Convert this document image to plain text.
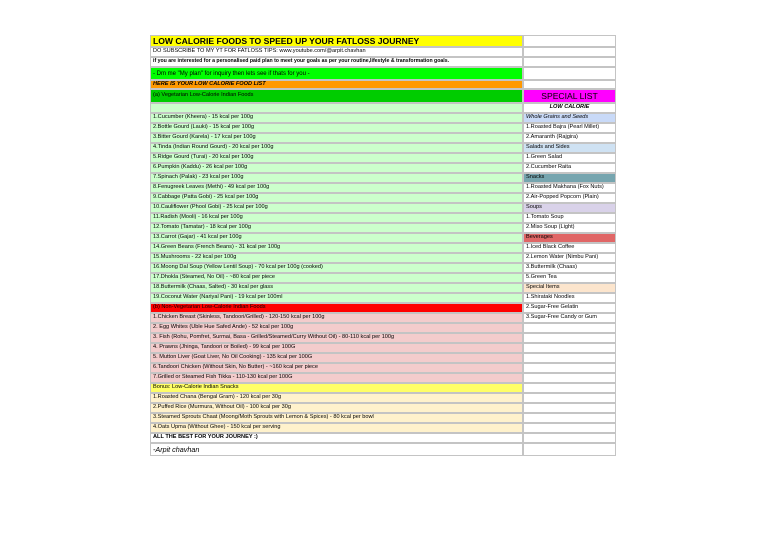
LOW CALORIE FOODS TO SPEED UP YOUR FATLOSS JOURNEY
DO SUBSCRIBE TO MY YT FOR FATLOSS TIPS: www.youtube.com/@arpit.chavhan
if you are interested for a personalised paid plan to meet your goals as per your routine,lifestyle & transformation goals.
- Dm me "My plan" for inquiry then lets see if thats for you -
HERE IS YOUR LOW CALORIE FOOD LIST
(a) Vegetarian Low-Calorie Indian Foods
1.Cucumber (Kheera) - 15 kcal per 100g
2.Bottle Gourd (Lauki) - 15 kcal per 100g
3.Bitter Gourd (Karela) - 17 kcal per 100g
4.Tinda (Indian Round Gourd) - 20 kcal per 100g
5.Ridge Gourd (Turai) - 20 kcal per 100g
6.Pumpkin (Kaddu) - 26 kcal per 100g
7.Spinach (Palak) - 23 kcal per 100g
8.Fenugreek Leaves (Methi) - 49 kcal per 100g
9.Cabbage (Patta Gobi) - 25 kcal per 100g
10.Cauliflower (Phool Gobi) - 25 kcal per 100g
11.Radish (Mooli) - 16 kcal per 100g
12.Tomato (Tamatar) - 18 kcal per 100g
13.Carrot (Gajar) - 41 kcal per 100g
14.Green Beans (French Beans) - 31 kcal per 100g
15.Mushrooms - 22 kcal per 100g
16.Moong Dal Soup (Yellow Lentil Soup) - 70 kcal per 100g (cooked)
17.Dhokla (Steamed, No Oil) - ~80 kcal per piece
18.Buttermilk (Chaas, Salted) - 30 kcal per glass
19.Coconut Water (Nariyal Pani) - 19 kcal per 100ml
(b) Non-Vegetarian Low-Calorie Indian Foods
1.Chicken Breast (Skinless, Tandoori/Grilled) - 120-150 kcal per 100g
2. Egg Whites (Uble Hue Safed Ande) - 52 kcal per 100g
3. Fish (Rohu, Pomfret, Surmai, Basa - Grilled/Steamed/Curry Without Oil) - 80-110 kcal per 100g
4. Prawns (Jhinga, Tandoori or Boiled) - 99 kcal per 100G
5. Mutton Liver (Goat Liver, No Oil Cooking) - 135 kcal per 100G
6.Tandoori Chicken (Without Skin, No Butter) - ~160 kcal per piece
7.Grilled or Steamed Fish Tikka - 110-130 kcal per 100G
Bonus: Low-Calorie Indian Snacks
1.Roasted Chana (Bengal Gram) - 120 kcal per 30g
2.Puffed Rice (Murmura, Without Oil) - 100 kcal per 30g
3.Steamed Sprouts Chaat (Moong/Moth Sprouts with Lemon & Spices) - 80 kcal per bowl
4.Oats Upma (Without Ghee) - 150 kcal per serving
ALL THE BEST FOR YOUR JOURNEY :)
-Arpit chavhan
SPECIAL LIST
LOW CALORIE
Whole Grains and Seeds
1.Roasted Bajra (Pearl Millet)
2.Amaranth (Rajgira)
Salads and Sides
1.Green Salad
2.Cucumber Raita
Snacks
1.Roasted Makhana (Fox Nuts)
2.Air-Popped Popcorn (Plain)
Soups
1.Tomato Soup
2.Miso Soup (Light)
Beverages
1.Iced Black Coffee
2.Lemon Water (Nimbu Pani)
3.Buttermilk (Chaas)
5.Green Tea
Special Items
1.Shirataki Noodles
2.Sugar-Free Gelatin
3.Sugar-Free Candy or Gum
